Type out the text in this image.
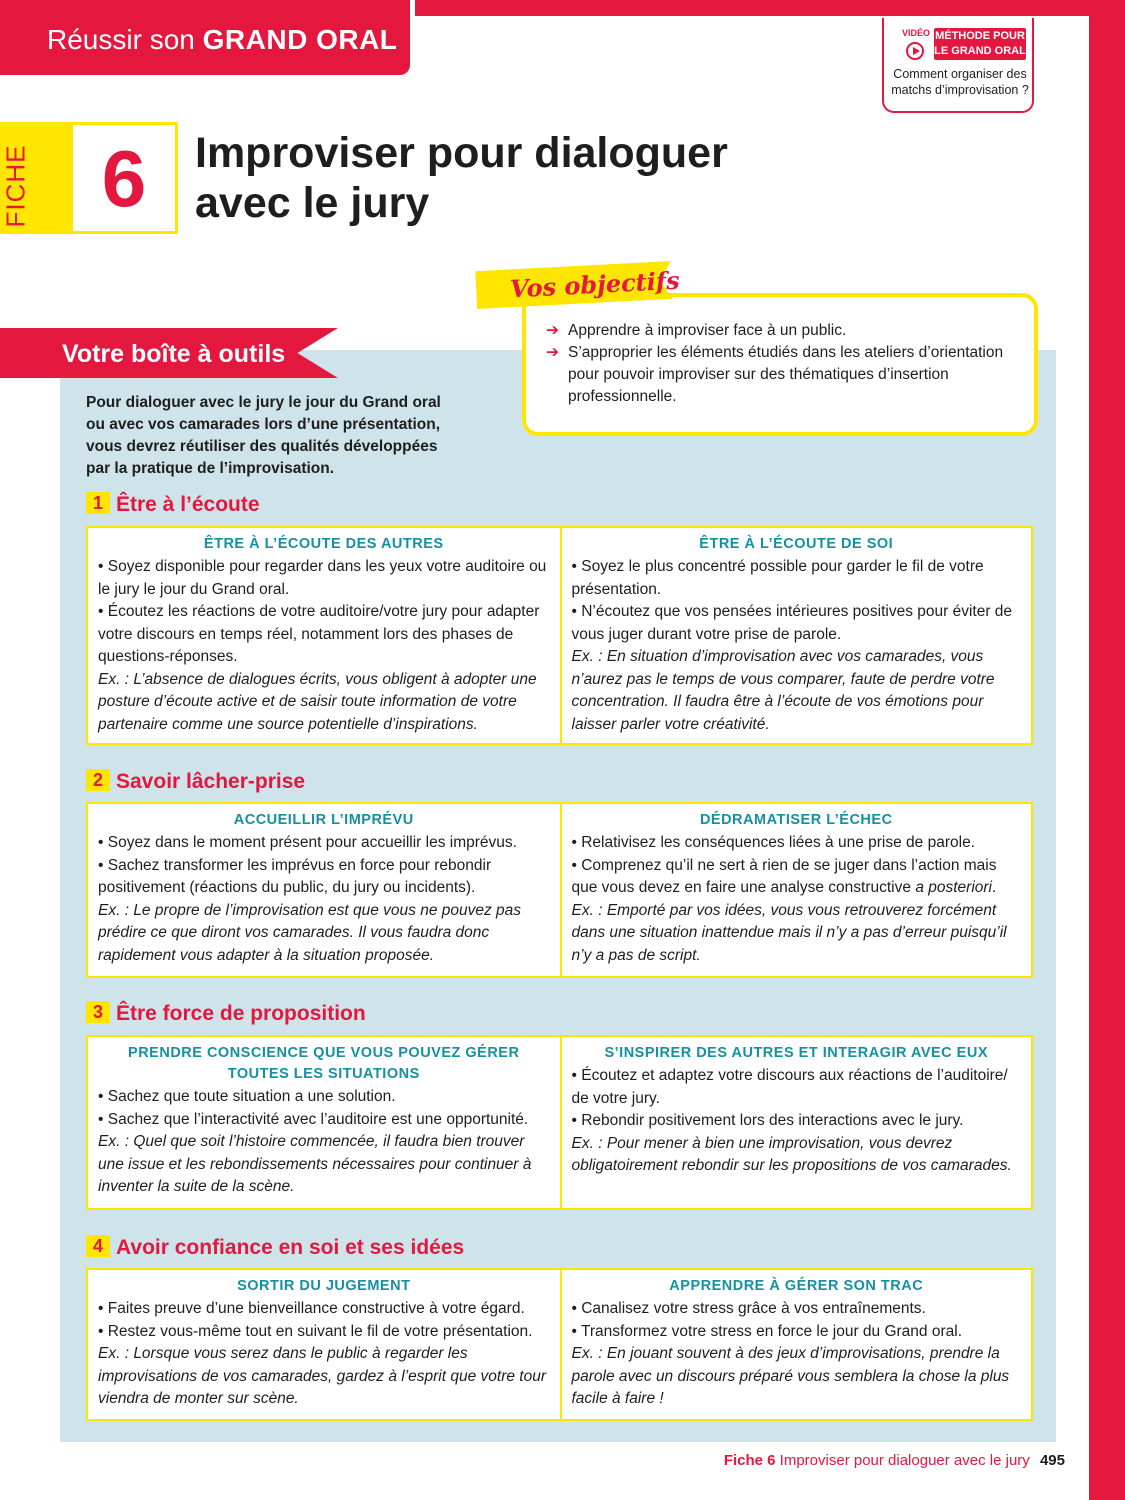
Réussir son GRAND ORAL	VIDÉO MÉTHODE POUR
LE GRAND ORAL
Comment organiser des
matchs d’improvisation ?
FICHE 6	Improviser pour dialoguer
avec le jury
Votre boîte à outils
Vos objectifs
➔ Apprendre à improviser face à un public.
➔ S’approprier les éléments étudiés dans les ateliers d’orientation pour pouvoir improviser sur des thématiques d’insertion professionnelle.
Pour dialoguer avec le jury le jour du Grand oral ou avec vos camarades lors d’une présentation, vous devrez réutiliser des qualités développées par la pratique de l’improvisation.
1 Être à l’écoute
ÊTRE À L’ÉCOUTE DES AUTRES

• Soyez disponible pour regarder dans les yeux votre auditoire ou le jury le jour du Grand oral.

• Écoutez les réactions de votre auditoire/votre jury pour adapter votre discours en temps réel, notamment lors des phases de questions-réponses.

Ex. : L’absence de dialogues écrits, vous obligent à adopter une posture d’écoute active et de saisir toute information de votre partenaire comme une source potentielle d’inspirations.

ÊTRE À L’ÉCOUTE DE SOI

• Soyez le plus concentré possible pour garder le fil de votre présentation.

• N’écoutez que vos pensées intérieures positives pour éviter de vous juger durant votre prise de parole.

Ex. : En situation d’improvisation avec vos camarades, vous n’aurez pas le temps de vous comparer, faute de perdre votre concentration. Il faudra être à l’écoute de vos émotions pour laisser parler votre créativité.

2 Savoir lâcher-prise
ACCUEILLIR L’IMPRÉVU

• Soyez dans le moment présent pour accueillir les imprévus.

• Sachez transformer les imprévus en force pour rebondir positivement (réactions du public, du jury ou incidents).

Ex. : Le propre de l’improvisation est que vous ne pouvez pas prédire ce que diront vos camarades. Il vous faudra donc rapidement vous adapter à la situation proposée.

DÉDRAMATISER L’ÉCHEC

• Relativisez les conséquences liées à une prise de parole.

• Comprenez qu’il ne sert à rien de se juger dans l’action mais que vous devez en faire une analyse constructive a posteriori.

Ex. : Emporté par vos idées, vous vous retrouverez forcément dans une situation inattendue mais il n’y a pas d’erreur puisqu’il n’y a pas de script.

3 Être force de proposition
PRENDRE CONSCIENCE QUE VOUS POUVEZ GÉRER TOUTES LES SITUATIONS

• Sachez que toute situation a une solution.

• Sachez que l’interactivité avec l’auditoire est une opportunité.

Ex. : Quel que soit l’histoire commencée, il faudra bien trouver une issue et les rebondissements nécessaires pour continuer à inventer la suite de la scène.

S’INSPIRER DES AUTRES ET INTERAGIR AVEC EUX

• Écoutez et adaptez votre discours aux réactions de l’auditoire/ de votre jury.

• Rebondir positivement lors des interactions avec le jury.

Ex. : Pour mener à bien une improvisation, vous devrez obligatoirement rebondir sur les propositions de vos camarades.

4 Avoir confiance en soi et ses idées
SORTIR DU JUGEMENT

• Faites preuve d’une bienveillance constructive à votre égard.

• Restez vous-même tout en suivant le fil de votre présentation.

Ex. : Lorsque vous serez dans le public à regarder les improvisations de vos camarades, gardez à l’esprit que votre tour viendra de monter sur scène.

APPRENDRE À GÉRER SON TRAC

• Canalisez votre stress grâce à vos entraînements.

• Transformez votre stress en force le jour du Grand oral.

Ex. : En jouant souvent à des jeux d’improvisations, prendre la parole avec un discours préparé vous semblera la chose la plus facile à faire !

Fiche 6 Improviser pour dialoguer avec le jury 495
